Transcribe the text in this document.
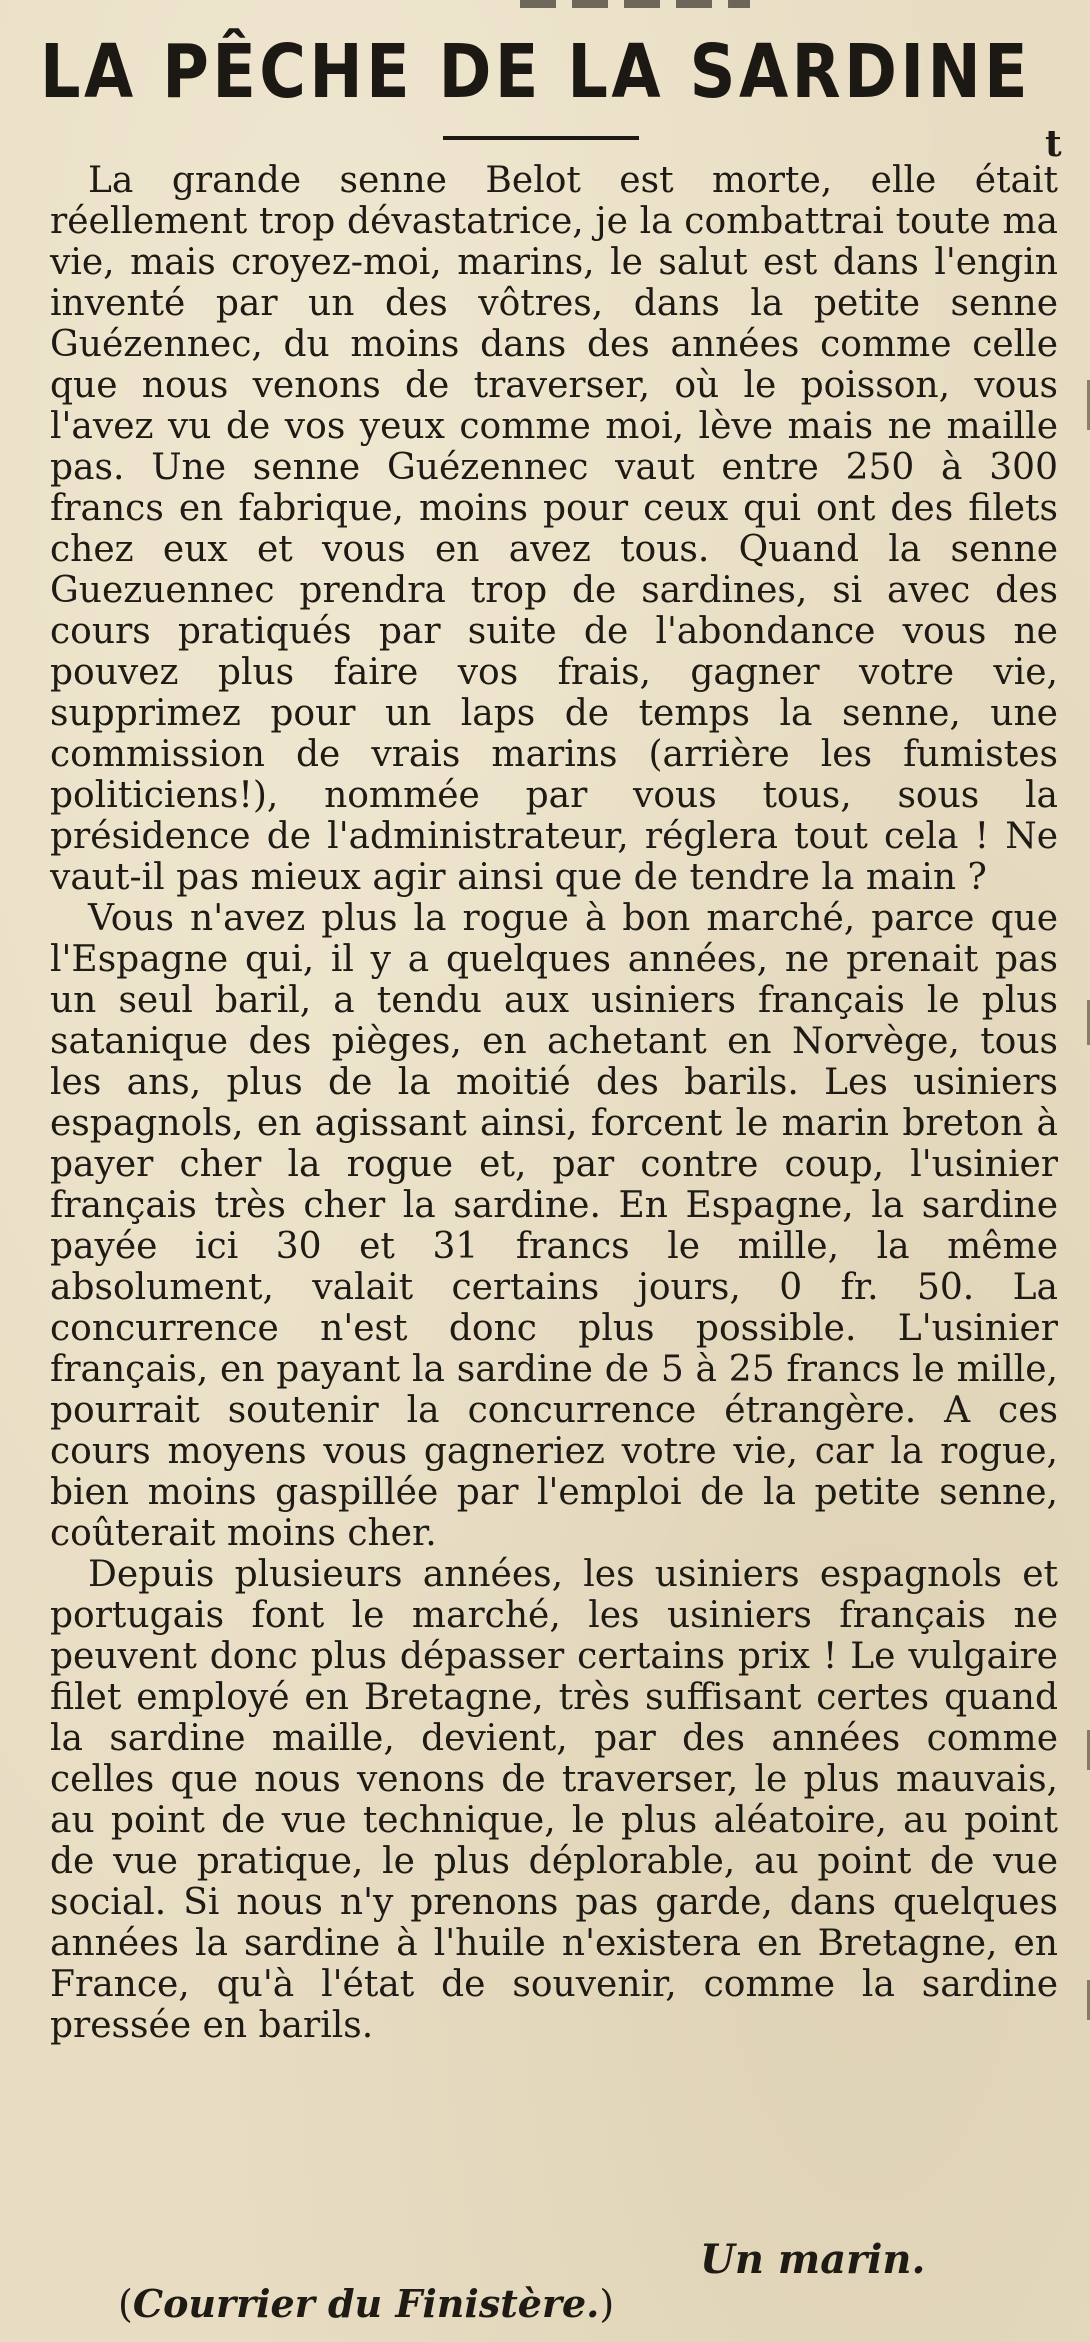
LA PÊCHE DE LA SARDINE
t

La grande senne Belot est morte, elle était réellement trop dévastatrice, je la combattrai toute ma vie, mais croyez-moi, marins, le salut est dans l'engin inventé par un des vôtres, dans la petite senne Guézennec, du moins dans des années comme celle que nous venons de traverser, où le poisson, vous l'avez vu de vos yeux comme moi, lève mais ne maille pas. Une senne Guézennec vaut entre 250 à 300 francs en fabrique, moins pour ceux qui ont des filets chez eux et vous en avez tous. Quand la senne Guezuennec prendra trop de sardines, si avec des cours pratiqués par suite de l'abondance vous ne pouvez plus faire vos frais, gagner votre vie, supprimez pour un laps de temps la senne, une commission de vrais marins (arrière les fumistes politiciens!), nommée par vous tous, sous la présidence de l'administrateur, réglera tout cela ! Ne vaut-il pas mieux agir ainsi que de tendre la main ?

Vous n'avez plus la rogue à bon marché, parce que l'Espagne qui, il y a quelques années, ne prenait pas un seul baril, a tendu aux usiniers français le plus satanique des pièges, en achetant en Norvège, tous les ans, plus de la moitié des barils. Les usiniers espagnols, en agissant ainsi, forcent le marin breton à payer cher la rogue et, par contre coup, l'usinier français très cher la sardine. En Espagne, la sardine payée ici 30 et 31 francs le mille, la même absolument, valait certains jours, 0 fr. 50. La concurrence n'est donc plus possible. L'usinier français, en payant la sardine de 5 à 25 francs le mille, pourrait soutenir la concurrence étrangère. A ces cours moyens vous gagneriez votre vie, car la rogue, bien moins gaspillée par l'emploi de la petite senne, coûterait moins cher.

Depuis plusieurs années, les usiniers espagnols et portugais font le marché, les usiniers français ne peuvent donc plus dépasser certains prix ! Le vulgaire filet employé en Bretagne, très suffisant certes quand la sardine maille, devient, par des années comme celles que nous venons de traverser, le plus mauvais, au point de vue technique, le plus aléatoire, au point de vue pratique, le plus déplorable, au point de vue social. Si nous n'y prenons pas garde, dans quelques années la sardine à l'huile n'existera en Bretagne, en France, qu'à l'état de souvenir, comme la sardine pressée en barils.

Un marin.
(Courrier du Finistère.)
